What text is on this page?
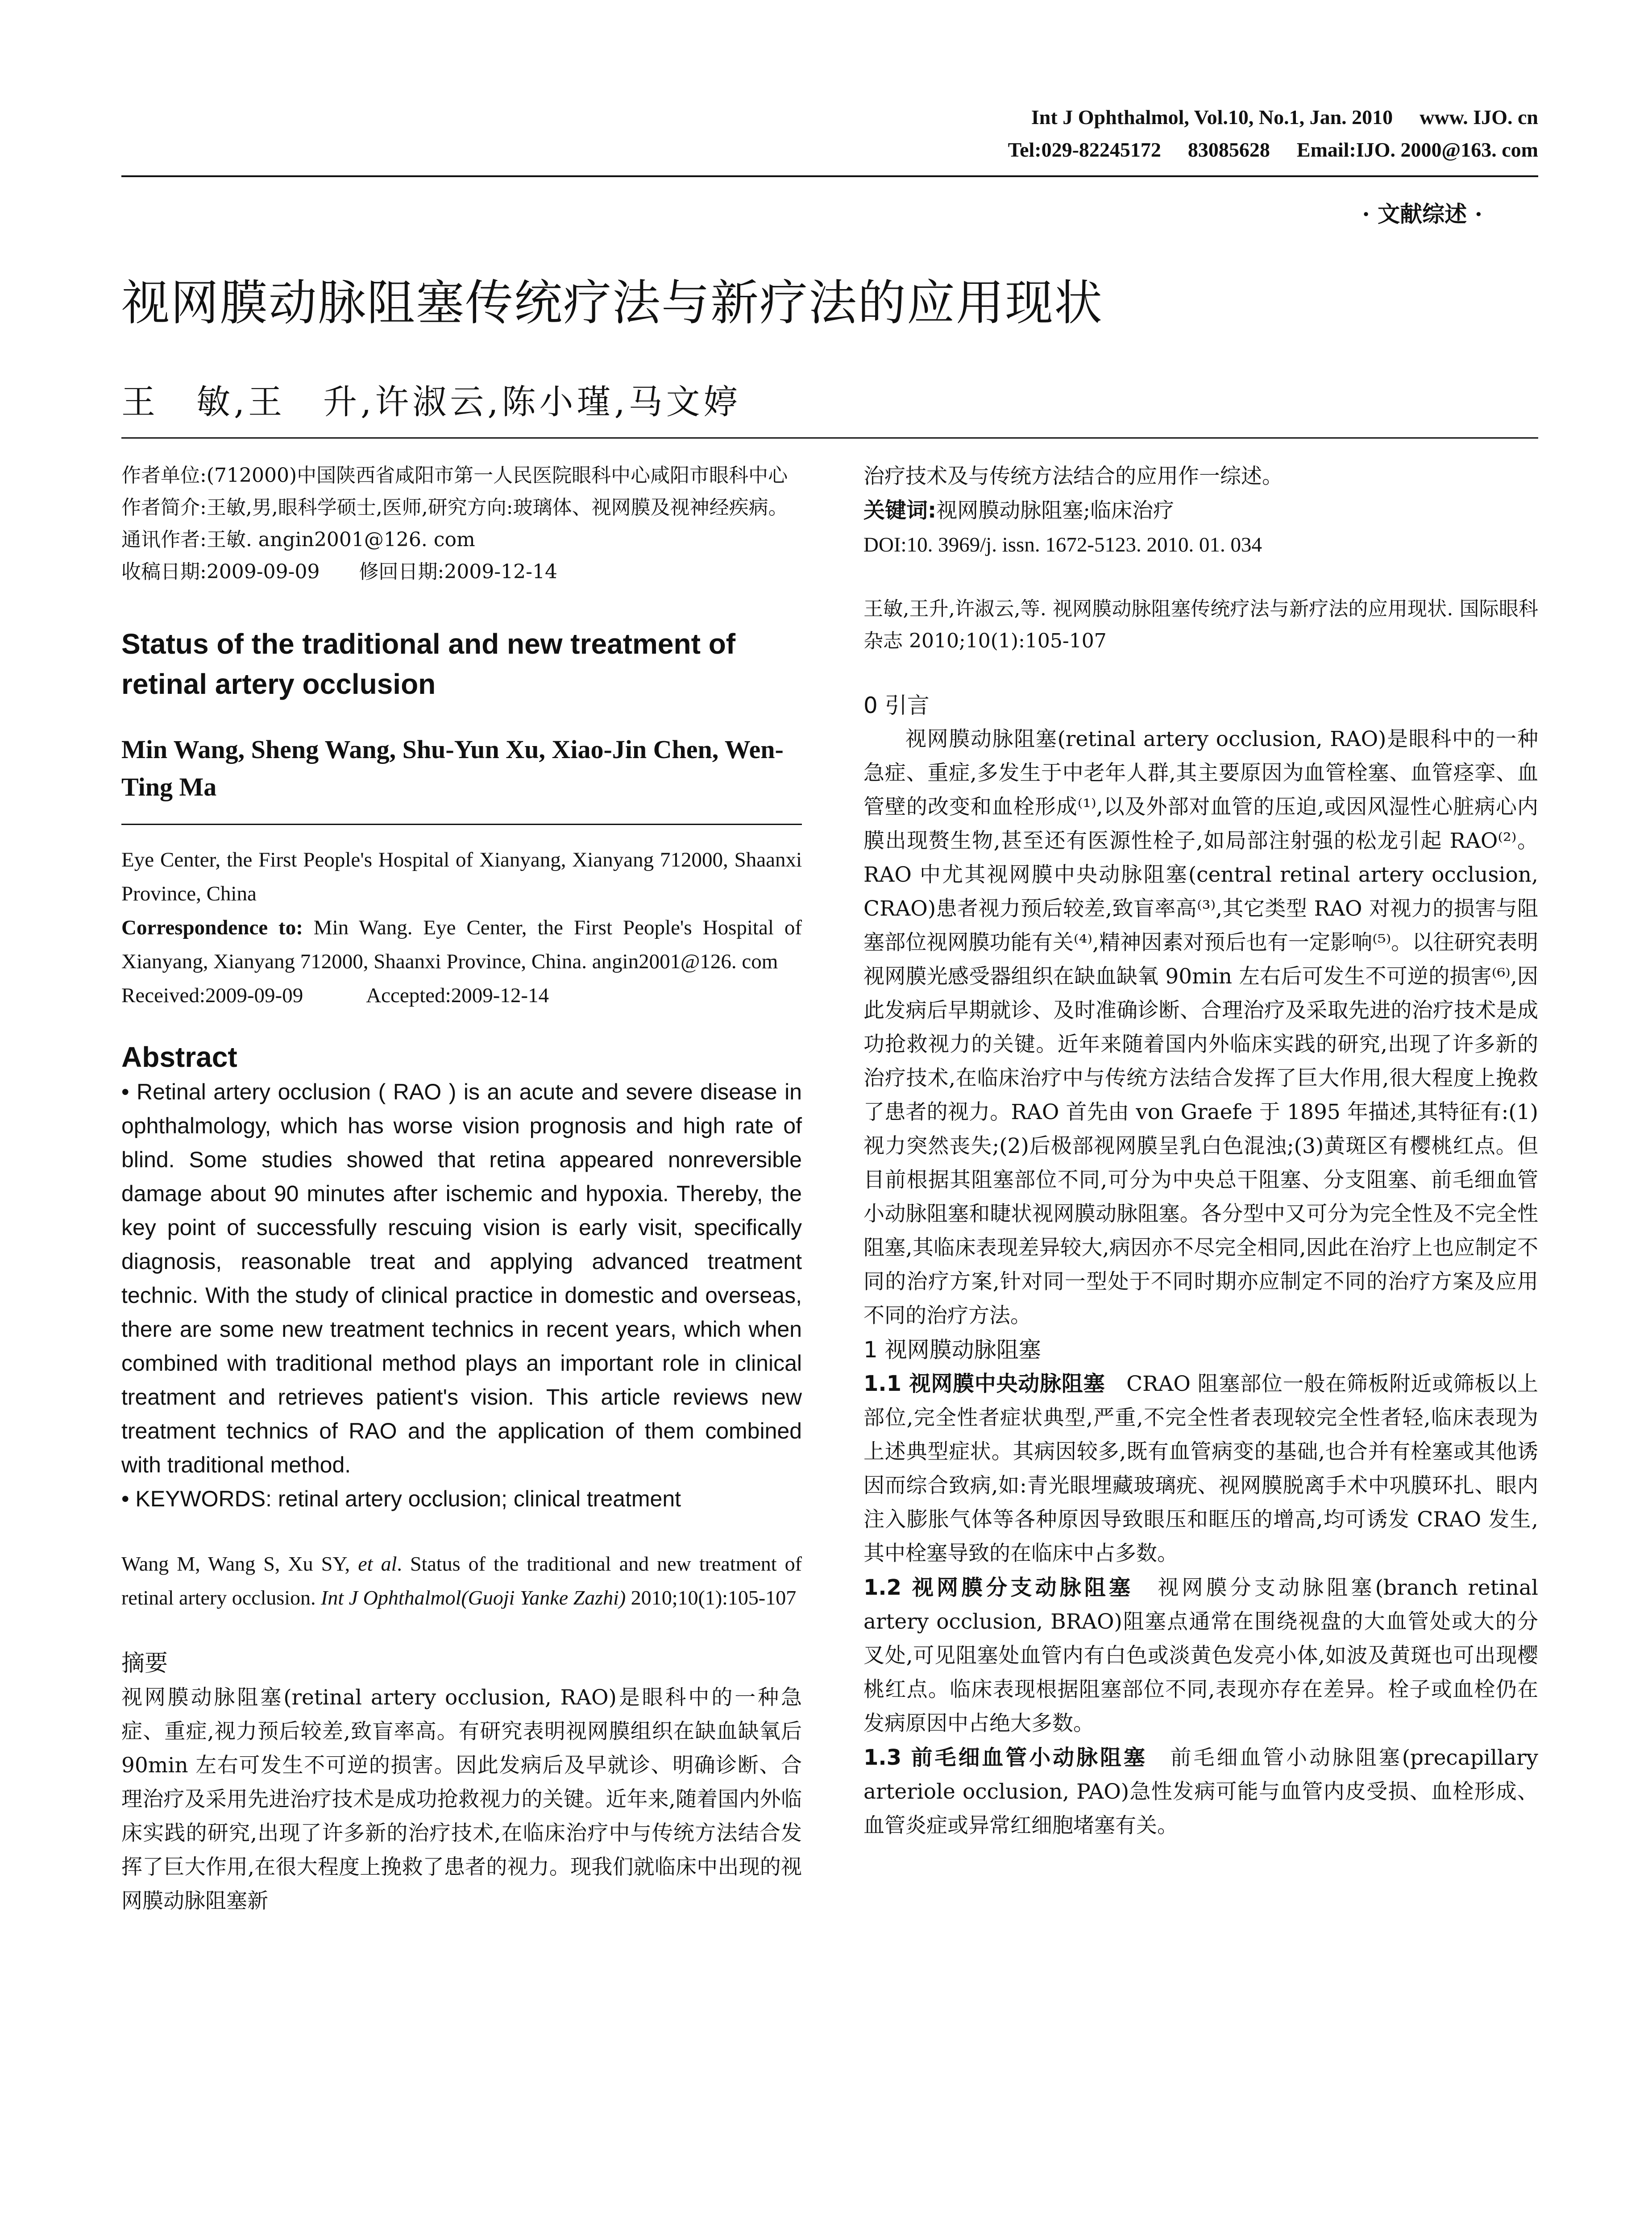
Int J Ophthalmol, Vol.10, No.1, Jan. 2010 www. IJO. cn
Tel:029-82245172 83085628 Email:IJO. 2000@163. com
· 文献综述 ·
视网膜动脉阻塞传统疗法与新疗法的应用现状
王　敏,王　升,许淑云,陈小瑾,马文婷
作者单位:(712000)中国陕西省咸阳市第一人民医院眼科中心咸阳市眼科中心
作者简介:王敏,男,眼科学硕士,医师,研究方向:玻璃体、视网膜及视神经疾病。
通讯作者:王敏. angin2001@126. com
收稿日期:2009-09-09　　修回日期:2009-12-14
Status of the traditional and new treatment of retinal artery occlusion
Min Wang, Sheng Wang, Shu-Yun Xu, Xiao-Jin Chen, Wen-Ting Ma
Eye Center, the First People's Hospital of Xianyang, Xianyang 712000, Shaanxi Province, China
Correspondence to: Min Wang. Eye Center, the First People's Hospital of Xianyang, Xianyang 712000, Shaanxi Province, China. angin2001@126. com
Received:2009-09-09　　　Accepted:2009-12-14
Abstract
• Retinal artery occlusion ( RAO ) is an acute and severe disease in ophthalmology, which has worse vision prognosis and high rate of blind. Some studies showed that retina appeared nonreversible damage about 90 minutes after ischemic and hypoxia. Thereby, the key point of successfully rescuing vision is early visit, specifically diagnosis, reasonable treat and applying advanced treatment technic. With the study of clinical practice in domestic and overseas, there are some new treatment technics in recent years, which when combined with traditional method plays an important role in clinical treatment and retrieves patient's vision. This article reviews new treatment technics of RAO and the application of them combined with traditional method.
• KEYWORDS: retinal artery occlusion; clinical treatment
Wang M, Wang S, Xu SY, et al. Status of the traditional and new treatment of retinal artery occlusion. Int J Ophthalmol(Guoji Yanke Zazhi) 2010;10(1):105-107
摘要

视网膜动脉阻塞(retinal artery occlusion, RAO)是眼科中的一种急症、重症,视力预后较差,致盲率高。有研究表明视网膜组织在缺血缺氧后 90min 左右可发生不可逆的损害。因此发病后及早就诊、明确诊断、合理治疗及采用先进治疗技术是成功抢救视力的关键。近年来,随着国内外临床实践的研究,出现了许多新的治疗技术,在临床治疗中与传统方法结合发挥了巨大作用,在很大程度上挽救了患者的视力。现我们就临床中出现的视网膜动脉阻塞新

治疗技术及与传统方法结合的应用作一综述。

关键词:视网膜动脉阻塞;临床治疗

DOI:10. 3969/j. issn. 1672-5123. 2010. 01. 034

王敏,王升,许淑云,等. 视网膜动脉阻塞传统疗法与新疗法的应用现状. 国际眼科杂志 2010;10(1):105-107

0 引言

视网膜动脉阻塞(retinal artery occlusion, RAO)是眼科中的一种急症、重症,多发生于中老年人群,其主要原因为血管栓塞、血管痉挛、血管壁的改变和血栓形成⁽¹⁾,以及外部对血管的压迫,或因风湿性心脏病心内膜出现赘生物,甚至还有医源性栓子,如局部注射强的松龙引起 RAO⁽²⁾。RAO 中尤其视网膜中央动脉阻塞(central retinal artery occlusion, CRAO)患者视力预后较差,致盲率高⁽³⁾,其它类型 RAO 对视力的损害与阻塞部位视网膜功能有关⁽⁴⁾,精神因素对预后也有一定影响⁽⁵⁾。以往研究表明视网膜光感受器组织在缺血缺氧 90min 左右后可发生不可逆的损害⁽⁶⁾,因此发病后早期就诊、及时准确诊断、合理治疗及采取先进的治疗技术是成功抢救视力的关键。近年来随着国内外临床实践的研究,出现了许多新的治疗技术,在临床治疗中与传统方法结合发挥了巨大作用,很大程度上挽救了患者的视力。RAO 首先由 von Graefe 于 1895 年描述,其特征有:(1)视力突然丧失;(2)后极部视网膜呈乳白色混浊;(3)黄斑区有樱桃红点。但目前根据其阻塞部位不同,可分为中央总干阻塞、分支阻塞、前毛细血管小动脉阻塞和睫状视网膜动脉阻塞。各分型中又可分为完全性及不完全性阻塞,其临床表现差异较大,病因亦不尽完全相同,因此在治疗上也应制定不同的治疗方案,针对同一型处于不同时期亦应制定不同的治疗方案及应用不同的治疗方法。

1 视网膜动脉阻塞

1.1 视网膜中央动脉阻塞　CRAO 阻塞部位一般在筛板附近或筛板以上部位,完全性者症状典型,严重,不完全性者表现较完全性者轻,临床表现为上述典型症状。其病因较多,既有血管病变的基础,也合并有栓塞或其他诱因而综合致病,如:青光眼埋藏玻璃疣、视网膜脱离手术中巩膜环扎、眼内注入膨胀气体等各种原因导致眼压和眶压的增高,均可诱发 CRAO 发生,其中栓塞导致的在临床中占多数。

1.2 视网膜分支动脉阻塞　视网膜分支动脉阻塞(branch retinal artery occlusion, BRAO)阻塞点通常在围绕视盘的大血管处或大的分叉处,可见阻塞处血管内有白色或淡黄色发亮小体,如波及黄斑也可出现樱桃红点。临床表现根据阻塞部位不同,表现亦存在差异。栓子或血栓仍在发病原因中占绝大多数。

1.3 前毛细血管小动脉阻塞　前毛细血管小动脉阻塞(precapillary arteriole occlusion, PAO)急性发病可能与血管内皮受损、血栓形成、血管炎症或异常红细胞堵塞有关。
